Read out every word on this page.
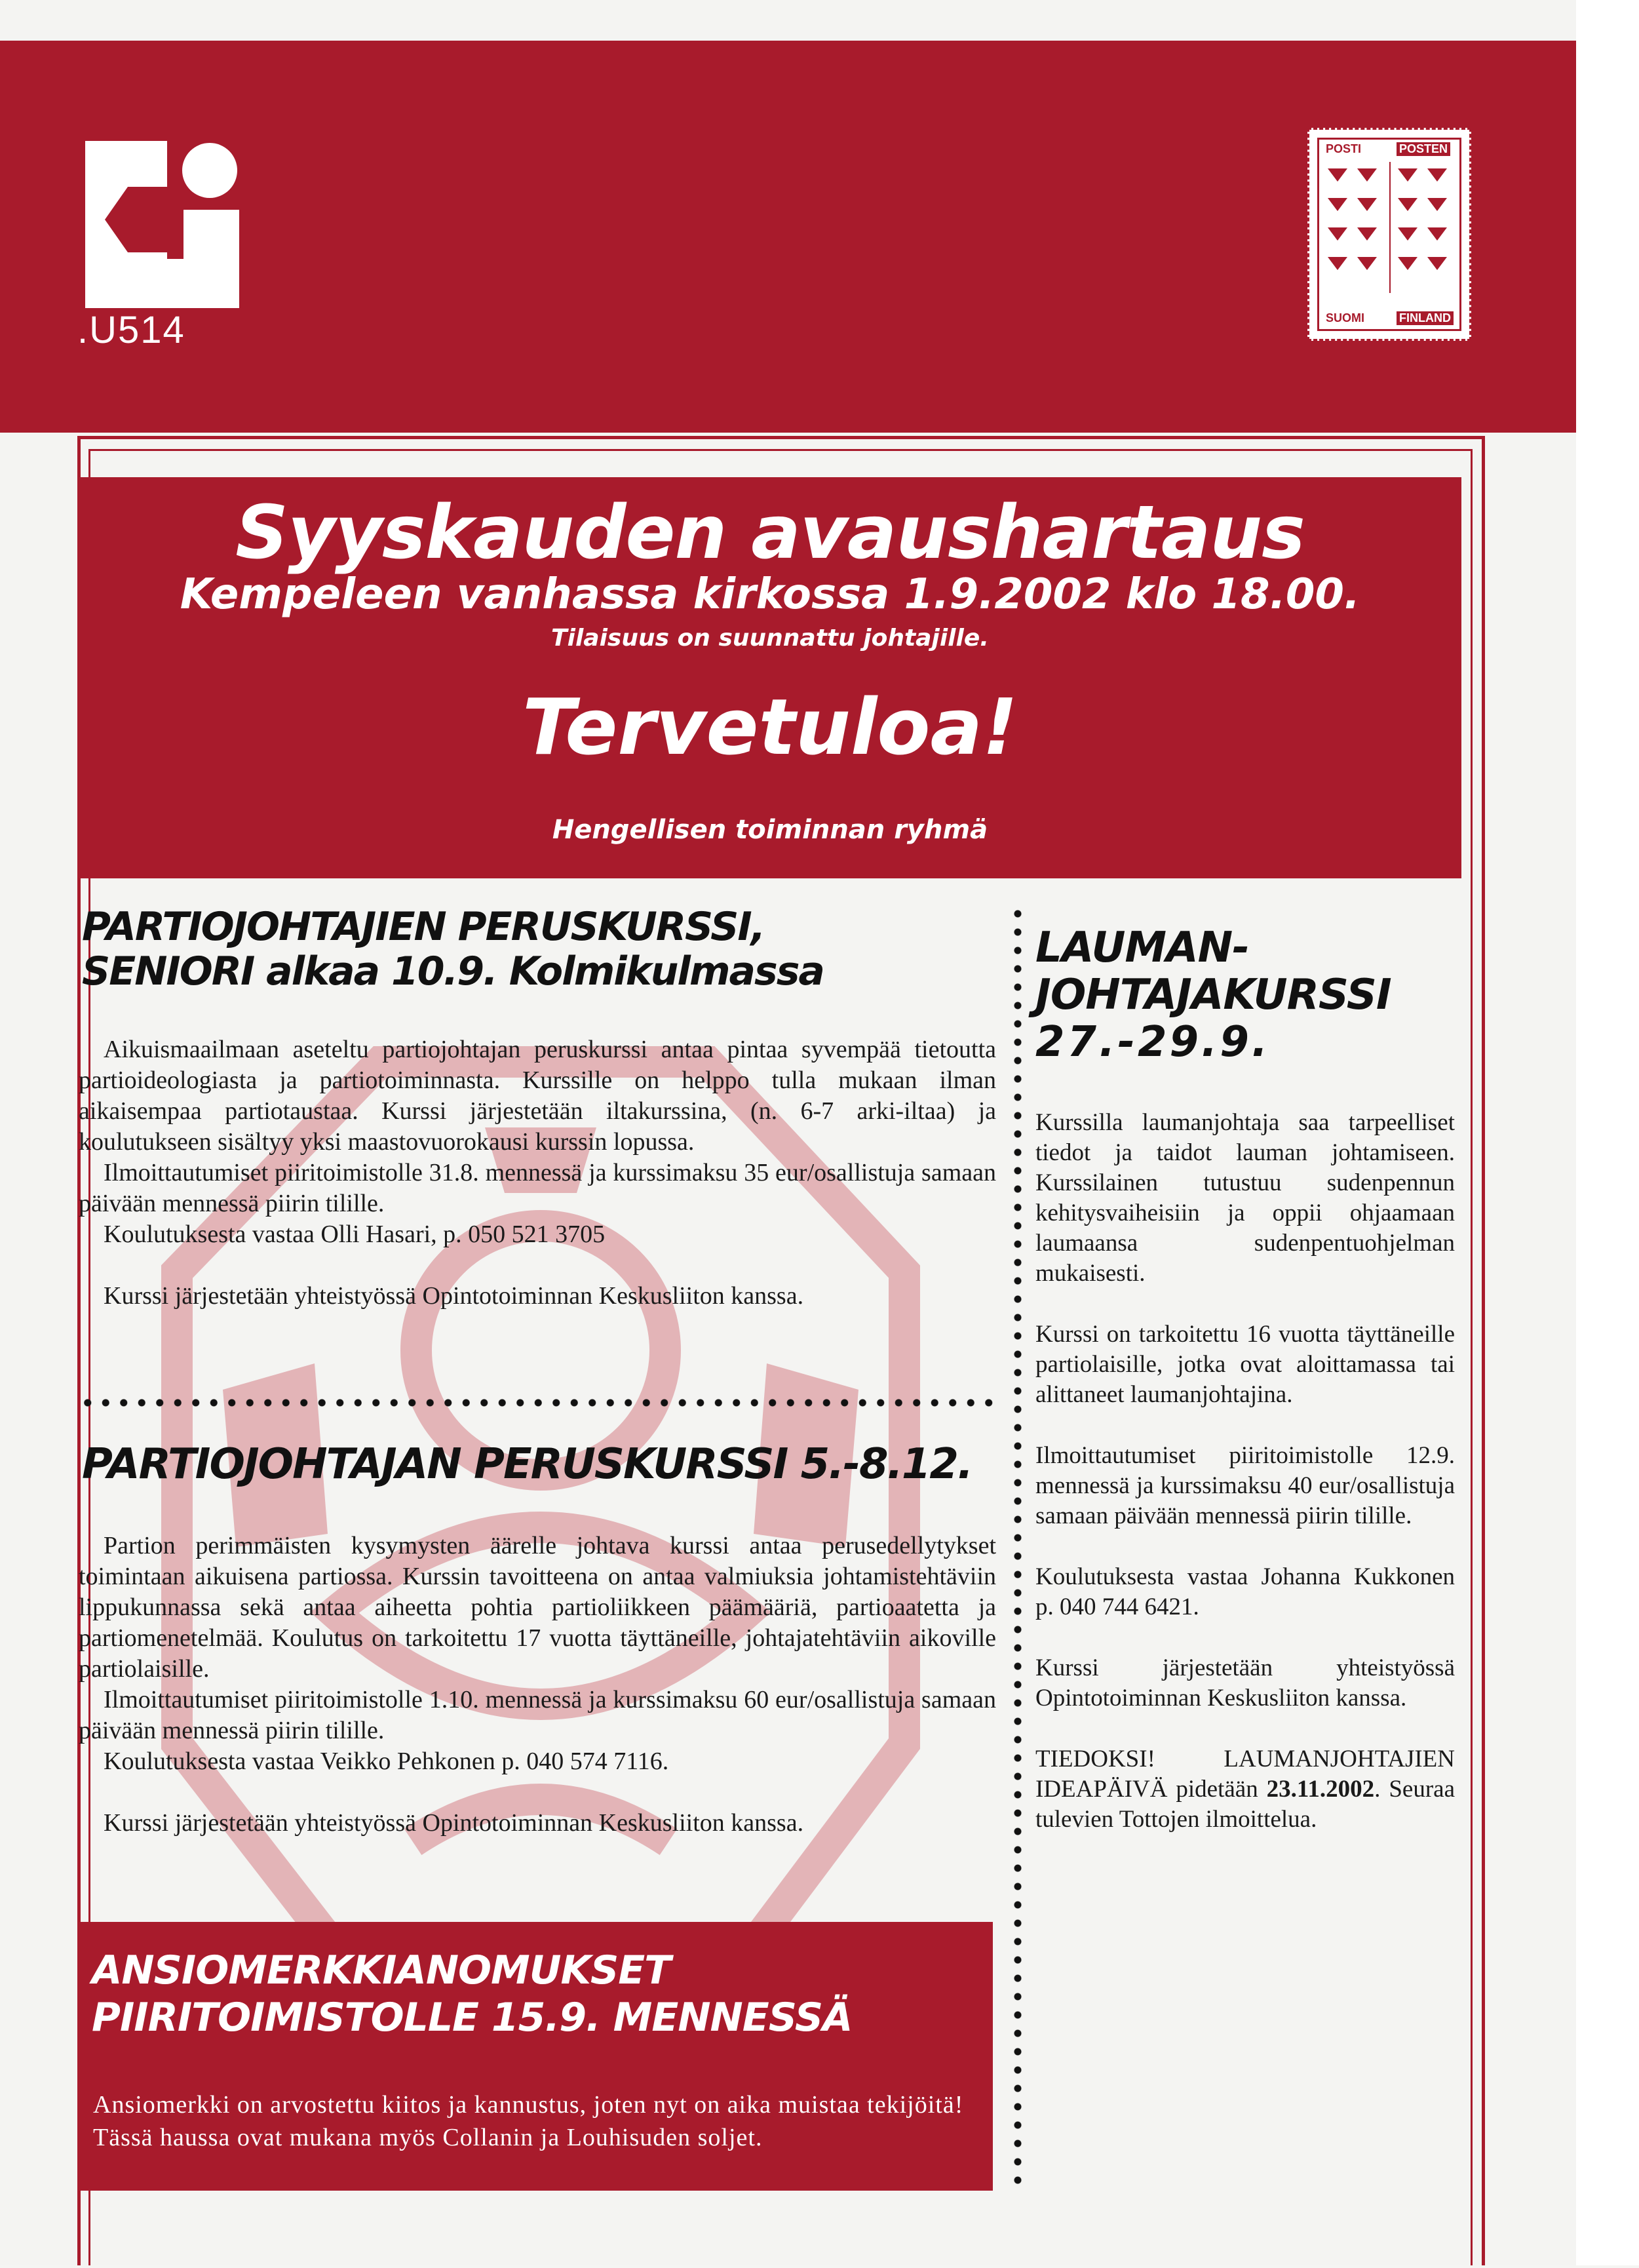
.U514
POSTI	POSTEN
SUOMI	FINLAND
Syyskauden avaushartaus
Kempeleen vanhassa kirkossa 1.9.2002 klo 18.00.
Tilaisuus on suunnattu johtajille.
Tervetuloa!
Hengellisen toiminnan ryhmä
PARTIOJOHTAJIEN PERUSKURSSI,
SENIORI alkaa 10.9. Kolmikulmassa

Aikuismaailmaan aseteltu partiojohtajan peruskurssi antaa pintaa syvempää tietoutta partioideologiasta ja partiotoiminnasta. Kurssille on helppo tulla mukaan ilman aikaisempaa partiotaustaa. Kurssi järjestetään iltakurssina, (n. 6-7 arki-iltaa) ja koulutukseen sisältyy yksi maastovuorokausi kurssin lopussa.

Ilmoittautumiset piiritoimistolle 31.8. mennessä ja kurssimaksu 35 eur/osallistuja samaan päivään mennessä piirin tilille.

Koulutuksesta vastaa Olli Hasari, p. 050 521 3705

Kurssi järjestetään yhteistyössä Opintotoiminnan Keskusliiton kanssa.

PARTIOJOHTAJAN PERUSKURSSI 5.-8.12.

Partion perimmäisten kysymysten äärelle johtava kurssi antaa perusedellytykset toimintaan aikuisena partiossa. Kurssin tavoitteena on antaa valmiuksia johtamistehtäviin lippukunnassa sekä antaa aiheetta pohtia partioliikkeen päämääriä, partioaatetta ja partiomenetelmää. Koulutus on tarkoitettu 17 vuotta täyttäneille, johtajatehtäviin aikoville partiolaisille.

Ilmoittautumiset piiritoimistolle 1.10. mennessä ja kurssimaksu 60 eur/osallistuja samaan päivään mennessä piirin tilille.

Koulutuksesta vastaa Veikko Pehkonen p. 040 574 7116.

Kurssi järjestetään yhteistyössä Opintotoiminnan Keskusliiton kanssa.

ANSIOMERKKIANOMUKSET
PIIRITOIMISTOLLE 15.9. MENNESSÄ
Ansiomerkki on arvostettu kiitos ja kannustus, joten nyt on aika muistaa tekijöitä! Tässä haussa ovat mukana myös Collanin ja Louhisuden soljet.
LAUMAN-
JOHTAJAKURSSI
27.-29.9.

Kurssilla laumanjohtaja saa tarpeelliset tiedot ja taidot lauman johtamiseen. Kurssilainen tutustuu sudenpennun kehitysvaiheisiin ja oppii ohjaamaan laumaansa sudenpentuohjelman mukaisesti.

Kurssi on tarkoitettu 16 vuotta täyttäneille partiolaisille, jotka ovat aloittamassa tai alittaneet laumanjohtajina.

Ilmoittautumiset piiritoimistolle 12.9. mennessä ja kurssimaksu 40 eur/osallistuja samaan päivään mennessä piirin tilille.

Koulutuksesta vastaa Johanna Kukkonen p. 040 744 6421.

Kurssi järjestetään yhteistyössä Opintotoiminnan Keskusliiton kanssa.

TIEDOKSI! LAUMANJOHTAJIEN IDEAPÄIVÄ pidetään 23.11.2002. Seuraa tulevien Tottojen ilmoittelua.
